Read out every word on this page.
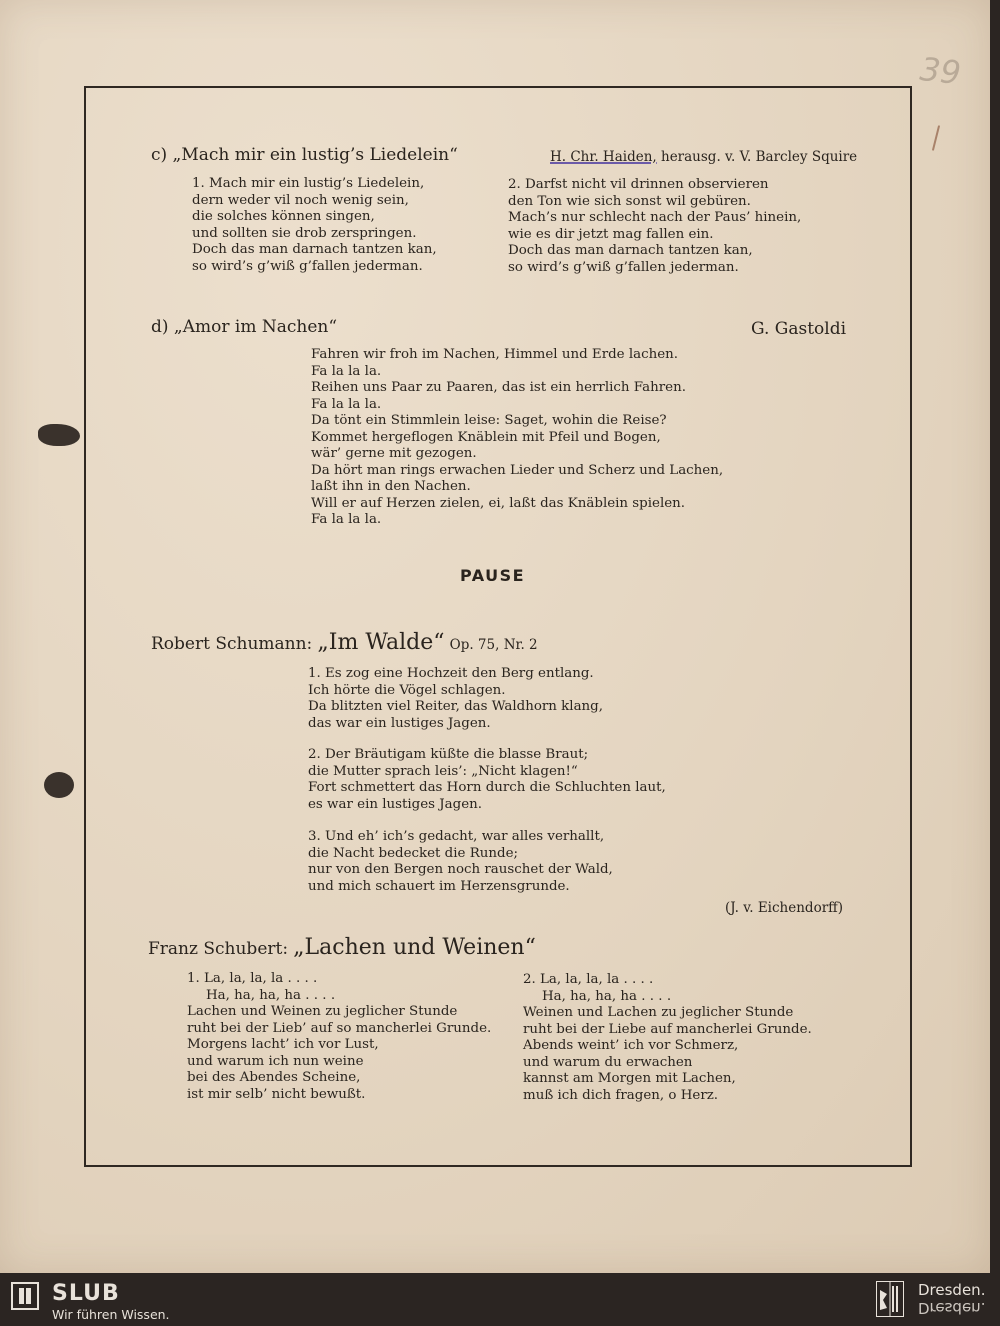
39
c) „Mach mir ein lustig’s Liedelein“	H. Chr. Haiden, herausg. v. V. Barcley Squire
1. Mach mir ein lustig’s Liedelein,
dern weder vil noch wenig sein,
die solches können singen,
und sollten sie drob zerspringen.
Doch das man darnach tantzen kan,
so wird’s g’wiß g’fallen jederman.
2. Darfst nicht vil drinnen observieren
den Ton wie sich sonst wil gebüren.
Mach’s nur schlecht nach der Paus’ hinein,
wie es dir jetzt mag fallen ein.
Doch das man darnach tantzen kan,
so wird’s g’wiß g’fallen jederman.
d) „Amor im Nachen“	G. Gastoldi
Fahren wir froh im Nachen, Himmel und Erde lachen.
Fa la la la.
Reihen uns Paar zu Paaren, das ist ein herrlich Fahren.
Fa la la la.
Da tönt ein Stimmlein leise: Saget, wohin die Reise?
Kommet hergeflogen Knäblein mit Pfeil und Bogen,
wär’ gerne mit gezogen.
Da hört man rings erwachen Lieder und Scherz und Lachen,
laßt ihn in den Nachen.
Will er auf Herzen zielen, ei, laßt das Knäblein spielen.
Fa la la la.
PAUSE
Robert Schumann: „Im Walde“ Op. 75, Nr. 2
1. Es zog eine Hochzeit den Berg entlang.
Ich hörte die Vögel schlagen.
Da blitzten viel Reiter, das Waldhorn klang,
das war ein lustiges Jagen.
2. Der Bräutigam küßte die blasse Braut;
die Mutter sprach leis’: „Nicht klagen!“
Fort schmettert das Horn durch die Schluchten laut,
es war ein lustiges Jagen.
3. Und eh’ ich’s gedacht, war alles verhallt,
die Nacht bedecket die Runde;
nur von den Bergen noch rauschet der Wald,
und mich schauert im Herzensgrunde.
(J. v. Eichendorff)
Franz Schubert: „Lachen und Weinen“
1. La, la, la, la . . . .
Ha, ha, ha, ha . . . .
Lachen und Weinen zu jeglicher Stunde
ruht bei der Lieb’ auf so mancherlei Grunde.
Morgens lacht’ ich vor Lust,
und warum ich nun weine
bei des Abendes Scheine,
ist mir selb’ nicht bewußt.
2. La, la, la, la . . . .
Ha, ha, ha, ha . . . .
Weinen und Lachen zu jeglicher Stunde
ruht bei der Liebe auf mancherlei Grunde.
Abends weint’ ich vor Schmerz,
und warum du erwachen
kannst am Morgen mit Lachen,
muß ich dich fragen, o Herz.
SLUB
Wir führen Wissen.
Dresden.
Dresden.
